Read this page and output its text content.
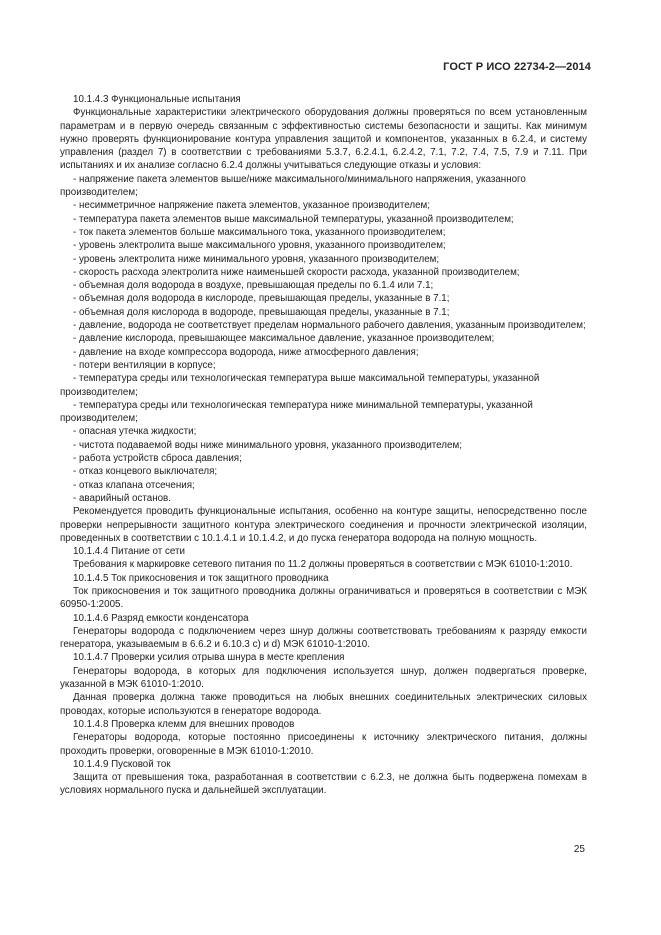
ГОСТ Р ИСО 22734-2—2014

10.1.4.3 Функциональные испытания

Функциональные характеристики электрического оборудования должны проверяться по всем установленным параметрам и в первую очередь связанным с эффективностью системы безопасности и защиты. Как минимум нужно проверять функционирование контура управления защитой и компонентов, указанных в 6.2.4, и систему управления (раздел 7) в соответствии с требованиями 5.3.7, 6.2.4.1, 6.2.4.2, 7.1, 7.2, 7.4, 7.5, 7.9 и 7.11. При испытаниях и их анализе согласно 6.2.4 должны учитываться следующие отказы и условия:

- напряжение пакета элементов выше/ниже максимального/минимального напряжения, указанного производителем;

- несимметричное напряжение пакета элементов, указанное производителем;

- температура пакета элементов выше максимальной температуры, указанной производителем;

- ток пакета элементов больше максимального тока, указанного производителем;

- уровень электролита выше максимального уровня, указанного производителем;

- уровень электролита ниже минимального уровня, указанного производителем;

- скорость расхода электролита ниже наименьшей скорости расхода, указанной производителем;

- объемная доля водорода в воздухе, превышающая пределы по 6.1.4 или 7.1;

- объемная доля водорода в кислороде, превышающая пределы, указанные в 7.1;

- объемная доля кислорода в водороде, превышающая пределы, указанные в 7.1;

- давление, водорода не соответствует пределам нормального рабочего давления, указанным производителем;

- давление кислорода, превышающее максимальное давление, указанное производителем;

- давление на входе компрессора водорода, ниже атмосферного давления;

- потери вентиляции в корпусе;

- температура среды или технологическая температура выше максимальной температуры, указанной производителем;

- температура среды или технологическая температура ниже минимальной температуры, указанной производителем;

- опасная утечка жидкости;

- чистота подаваемой воды ниже минимального уровня, указанного производителем;

- работа устройств сброса давления;

- отказ концевого выключателя;

- отказ клапана отсечения;

- аварийный останов.

Рекомендуется проводить функциональные испытания, особенно на контуре защиты, непосредственно после проверки непрерывности защитного контура электрического соединения и прочности электрической изоляции, проведенных в соответствии с 10.1.4.1 и 10.1.4.2, и до пуска генератора водорода на полную мощность.

10.1.4.4 Питание от сети

Требования к маркировке сетевого питания по 11.2 должны проверяться в соответствии с МЭК 61010-1:2010.

10.1.4.5 Ток прикосновения и ток защитного проводника

Ток прикосновения и ток защитного проводника должны ограничиваться и проверяться в соответствии с МЭК 60950-1:2005.

10.1.4.6 Разряд емкости конденсатора

Генераторы водорода с подключением через шнур должны соответствовать требованиям к разряду емкости генератора, указываемым в 6.6.2 и 6.10.3 c) и d) МЭК 61010-1:2010.

10.1.4.7 Проверки усилия отрыва шнура в месте крепления

Генераторы водорода, в которых для подключения используется шнур, должен подвергаться проверке, указанной в МЭК 61010-1:2010.

Данная проверка должна также проводиться на любых внешних соединительных электрических силовых проводах, которые используются в генераторе водорода.

10.1.4.8 Проверка клемм для внешних проводов

Генераторы водорода, которые постоянно присоединены к источнику электрического питания, должны проходить проверки, оговоренные в МЭК 61010-1:2010.

10.1.4.9 Пусковой ток

Защита от превышения тока, разработанная в соответствии с 6.2.3, не должна быть подвержена помехам в условиях нормального пуска и дальнейшей эксплуатации.

25
